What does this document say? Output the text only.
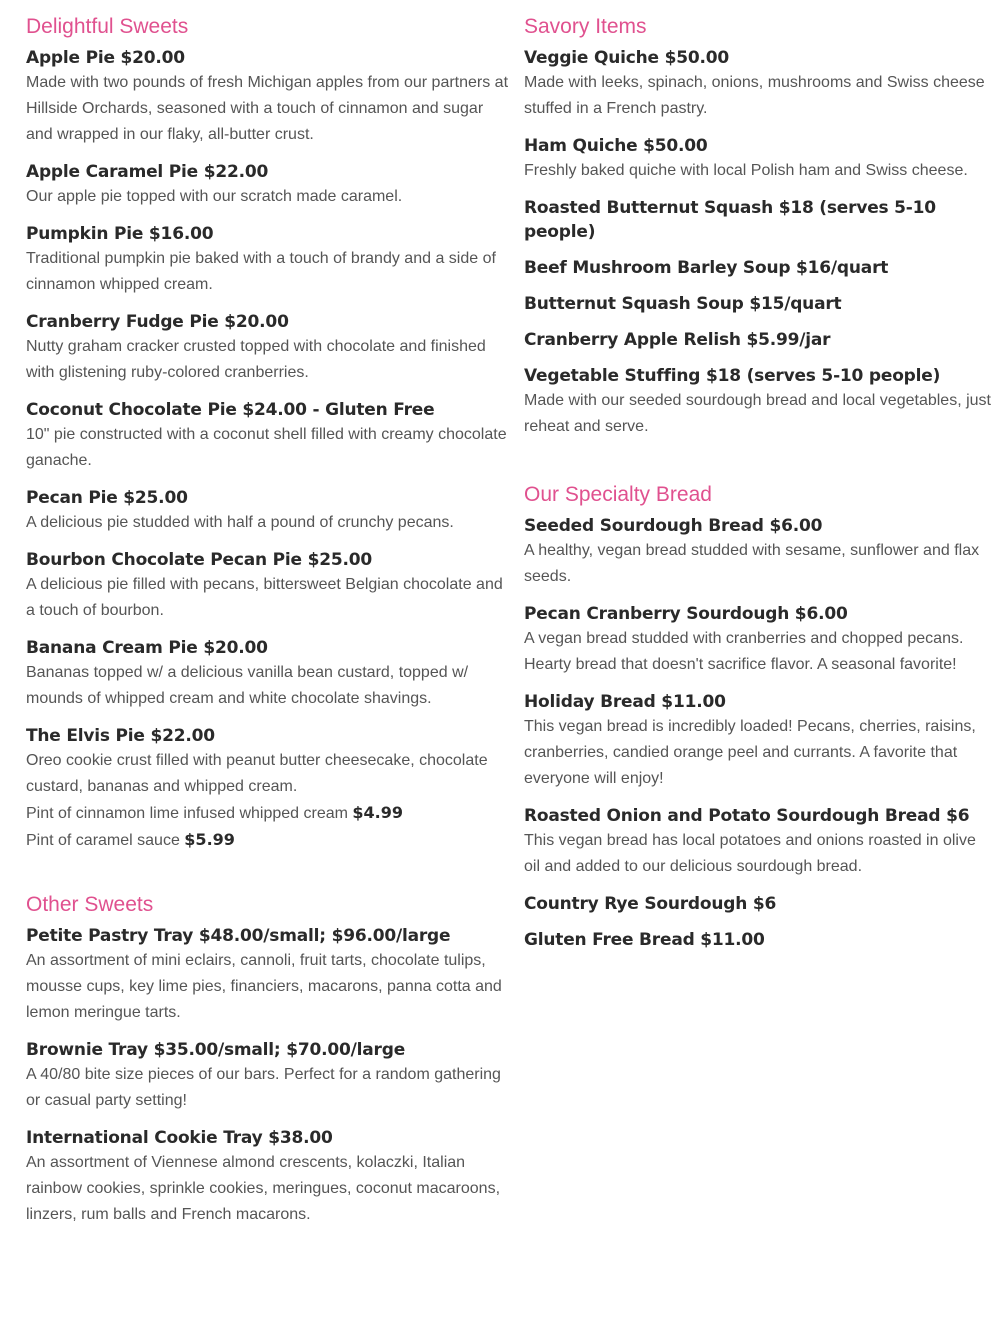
Delightful Sweets
Apple Pie $20.00
Made with two pounds of fresh Michigan apples from our partners at Hillside Orchards, seasoned with a touch of cinnamon and sugar and wrapped in our flaky, all-butter crust.
Apple Caramel Pie $22.00
Our apple pie topped with our scratch made caramel.
Pumpkin Pie $16.00
Traditional pumpkin pie baked with a touch of brandy and a side of cinnamon whipped cream.
Cranberry Fudge Pie $20.00
Nutty graham cracker crusted topped with chocolate and finished with glistening ruby-colored cranberries.
Coconut Chocolate Pie $24.00 - Gluten Free
10" pie constructed with a coconut shell filled with creamy chocolate ganache.
Pecan Pie $25.00
A delicious pie studded with half a pound of crunchy pecans.
Bourbon Chocolate Pecan Pie $25.00
A delicious pie filled with pecans, bittersweet Belgian chocolate and a touch of bourbon.
Banana Cream Pie $20.00
Bananas topped w/ a delicious vanilla bean custard, topped w/ mounds of whipped cream and white chocolate shavings.
The Elvis Pie $22.00
Oreo cookie crust filled with peanut butter cheesecake, chocolate custard, bananas and whipped cream.
Pint of cinnamon lime infused whipped cream $4.99
Pint of caramel sauce $5.99
Other Sweets
Petite Pastry Tray $48.00/small; $96.00/large
An assortment of mini eclairs, cannoli, fruit tarts, chocolate tulips, mousse cups, key lime pies, financiers, macarons, panna cotta and lemon meringue tarts.
Brownie Tray $35.00/small; $70.00/large
A 40/80 bite size pieces of our bars. Perfect for a random gathering or casual party setting!
International Cookie Tray $38.00
An assortment of Viennese almond crescents, kolaczki, Italian rainbow cookies, sprinkle cookies, meringues, coconut macaroons, linzers, rum balls and French macarons.
Savory Items
Veggie Quiche $50.00
Made with leeks, spinach, onions, mushrooms and Swiss cheese stuffed in a French pastry.
Ham Quiche $50.00
Freshly baked quiche with local Polish ham and Swiss cheese.
Roasted Butternut Squash $18 (serves 5-10 people)
Beef Mushroom Barley Soup $16/quart
Butternut Squash Soup $15/quart
Cranberry Apple Relish $5.99/jar
Vegetable Stuffing $18 (serves 5-10 people)
Made with our seeded sourdough bread and local vegetables, just reheat and serve.
Our Specialty Bread
Seeded Sourdough Bread $6.00
A healthy, vegan bread studded with sesame, sunflower and flax seeds.
Pecan Cranberry Sourdough $6.00
A vegan bread studded with cranberries and chopped pecans. Hearty bread that doesn't sacrifice flavor. A seasonal favorite!
Holiday Bread $11.00
This vegan bread is incredibly loaded! Pecans, cherries, raisins, cranberries, candied orange peel and currants. A favorite that everyone will enjoy!
Roasted Onion and Potato Sourdough Bread $6
This vegan bread has local potatoes and onions roasted in olive oil and added to our delicious sourdough bread.
Country Rye Sourdough $6
Gluten Free Bread $11.00
